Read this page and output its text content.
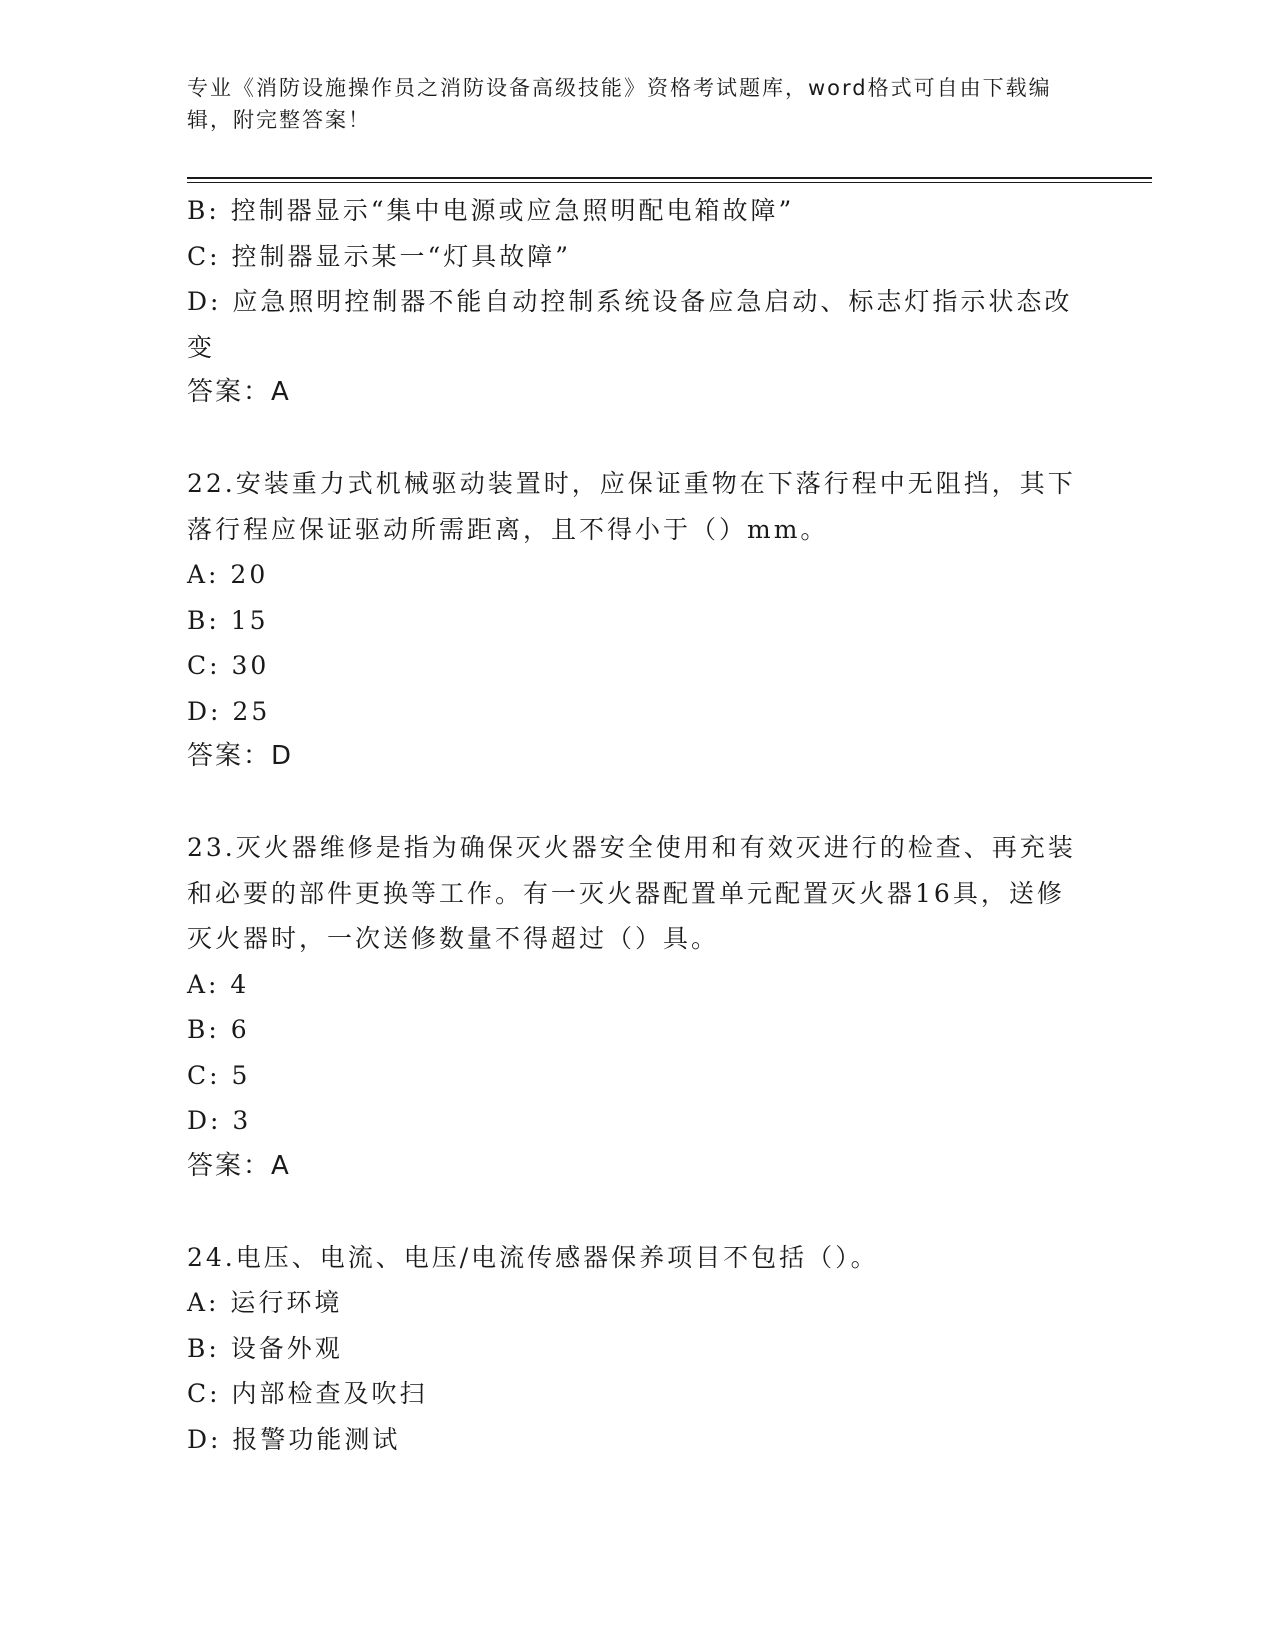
专业《消防设施操作员之消防设备高级技能》资格考试题库，word格式可自由下载编辑，附完整答案！

B: 控制器显示“集中电源或应急照明配电箱故障”

C: 控制器显示某一“灯具故障”

D: 应急照明控制器不能自动控制系统设备应急启动、标志灯指示状态改变

答案：A

22.安装重力式机械驱动装置时，应保证重物在下落行程中无阻挡，其下落行程应保证驱动所需距离，且不得小于（）mm。

A: 20

B: 15

C: 30

D: 25

答案：D

23.灭火器维修是指为确保灭火器安全使用和有效灭进行的检查、再充装和必要的部件更换等工作。有一灭火器配置单元配置灭火器16具，送修灭火器时，一次送修数量不得超过（）具。

A: 4

B: 6

C: 5

D: 3

答案：A

24.电压、电流、电压/电流传感器保养项目不包括（）。

A: 运行环境

B: 设备外观

C: 内部检查及吹扫

D: 报警功能测试
